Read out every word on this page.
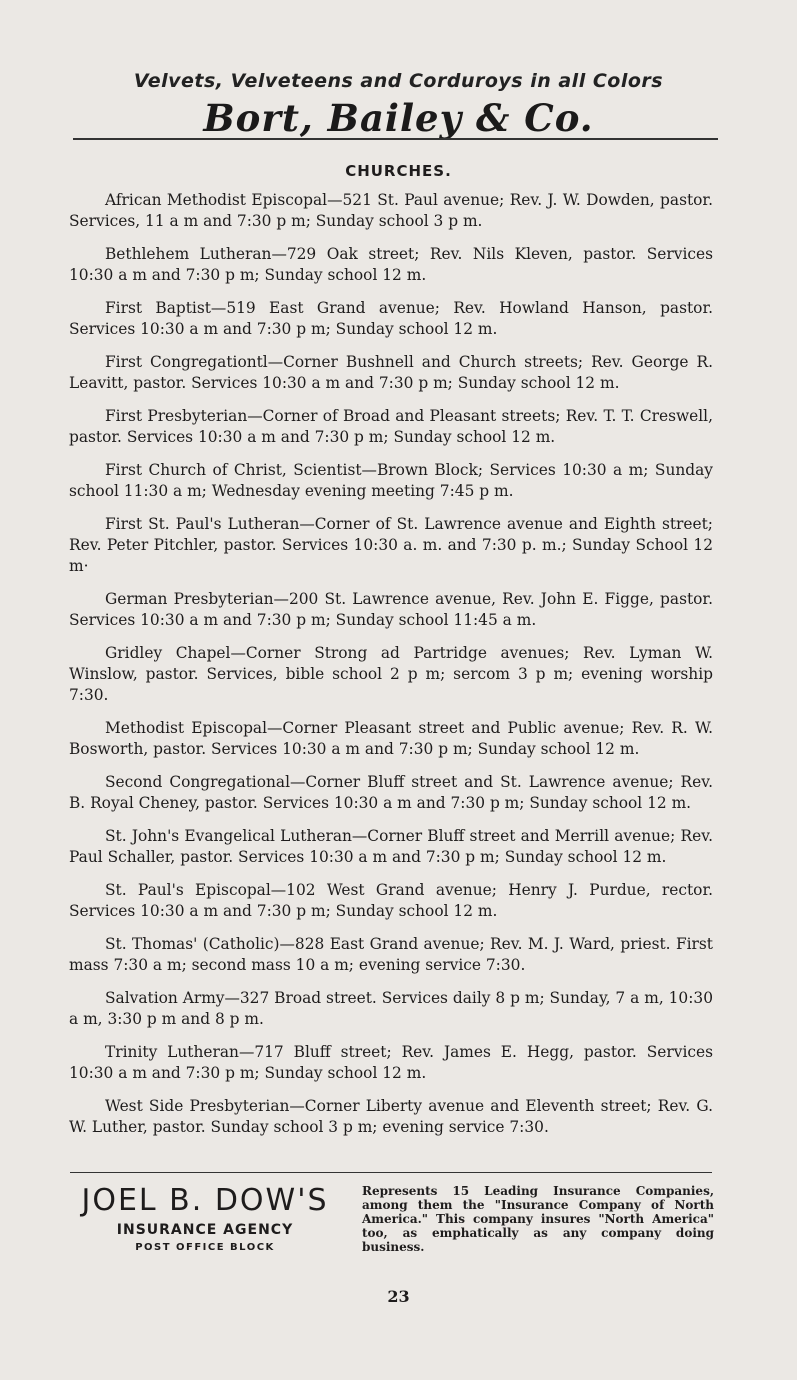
Velvets, Velveteens and Corduroys in all Colors
Bort, Bailey & Co.
CHURCHES.

African Methodist Episcopal—521 St. Paul avenue; Rev. J. W. Dowden, pastor. Services, 11 a m and 7:30 p m; Sunday school 3 p m.

Bethlehem Lutheran—729 Oak street; Rev. Nils Kleven, pastor. Services 10:30 a m and 7:30 p m; Sunday school 12 m.

First Baptist—519 East Grand avenue; Rev. Howland Hanson, pastor. Services 10:30 a m and 7:30 p m; Sunday school 12 m.

First Congregationtl—Corner Bushnell and Church streets; Rev. George R. Leavitt, pastor. Services 10:30 a m and 7:30 p m; Sunday school 12 m.

First Presbyterian—Corner of Broad and Pleasant streets; Rev. T. T. Creswell, pastor. Services 10:30 a m and 7:30 p m; Sunday school 12 m.

First Church of Christ, Scientist—Brown Block; Services 10:30 a m; Sunday school 11:30 a m; Wednesday evening meeting 7:45 p m.

First St. Paul's Lutheran—Corner of St. Lawrence avenue and Eighth street; Rev. Peter Pitchler, pastor. Services 10:30 a. m. and 7:30 p. m.; Sunday School 12 m·

German Presbyterian—200 St. Lawrence avenue, Rev. John E. Figge, pastor. Services 10:30 a m and 7:30 p m; Sunday school 11:45 a m.

Gridley Chapel—Corner Strong ad Partridge avenues; Rev. Lyman W. Winslow, pastor. Services, bible school 2 p m; sercom 3 p m; evening worship 7:30.

Methodist Episcopal—Corner Pleasant street and Public avenue; Rev. R. W. Bosworth, pastor. Services 10:30 a m and 7:30 p m; Sunday school 12 m.

Second Congregational—Corner Bluff street and St. Lawrence avenue; Rev. B. Royal Cheney, pastor. Services 10:30 a m and 7:30 p m; Sunday school 12 m.

St. John's Evangelical Lutheran—Corner Bluff street and Merrill avenue; Rev. Paul Schaller, pastor. Services 10:30 a m and 7:30 p m; Sunday school 12 m.

St. Paul's Episcopal—102 West Grand avenue; Henry J. Purdue, rector. Services 10:30 a m and 7:30 p m; Sunday school 12 m.

St. Thomas' (Catholic)—828 East Grand avenue; Rev. M. J. Ward, priest. First mass 7:30 a m; second mass 10 a m; evening service 7:30.

Salvation Army—327 Broad street. Services daily 8 p m; Sunday, 7 a m, 10:30 a m, 3:30 p m and 8 p m.

Trinity Lutheran—717 Bluff street; Rev. James E. Hegg, pastor. Services 10:30 a m and 7:30 p m; Sunday school 12 m.

West Side Presbyterian—Corner Liberty avenue and Eleventh street; Rev. G. W. Luther, pastor. Sunday school 3 p m; evening service 7:30.

JOEL B. DOW'S
INSURANCE AGENCY
POST OFFICE BLOCK
Represents 15 Leading Insurance Companies, among them the "Insurance Company of North America." This company insures "North America" too, as emphatically as any company doing business.
23
